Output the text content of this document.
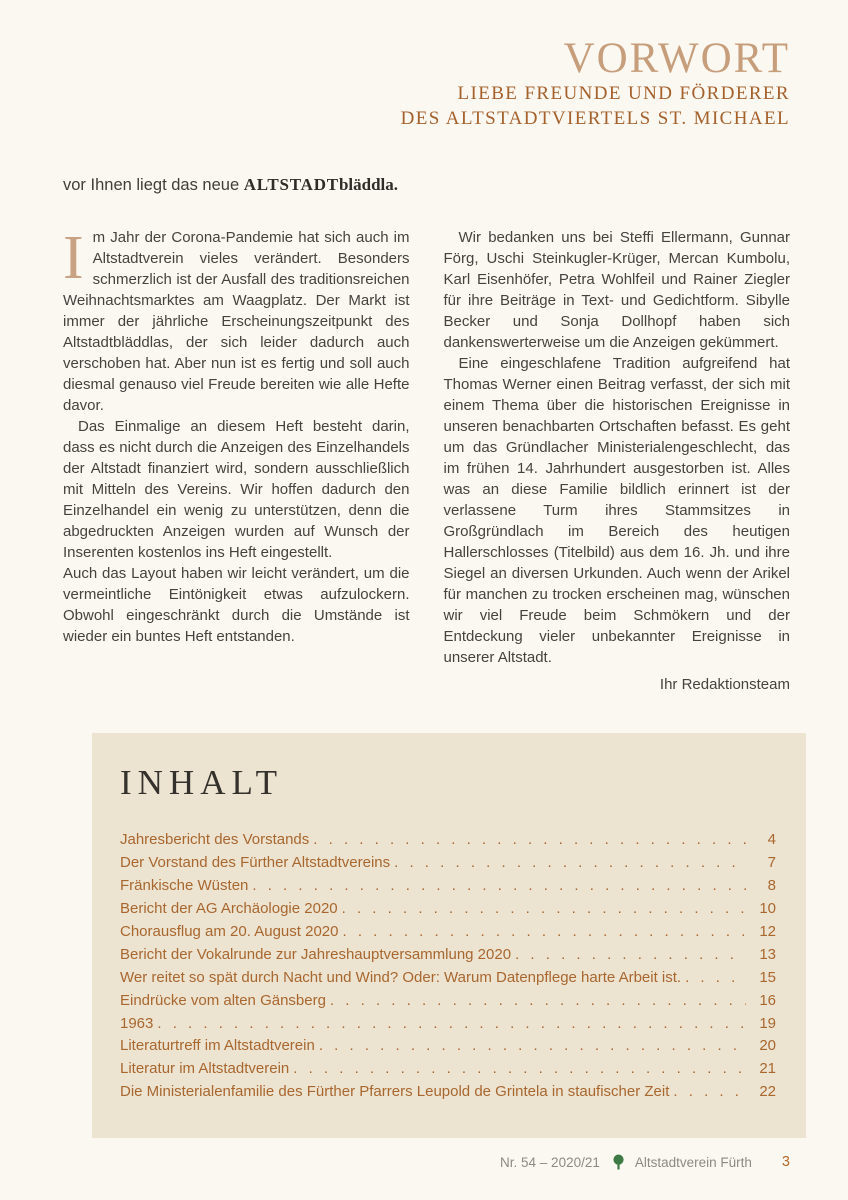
VORWORT
LIEBE FREUNDE UND FÖRDERER
DES ALTSTADTVIERTELS ST. MICHAEL
vor Ihnen liegt das neue ALTSTADTbläddla.

Im Jahr der Corona-Pandemie hat sich auch im Altstadtverein vieles verändert. Besonders schmerzlich ist der Ausfall des traditionsreichen Weihnachtsmarktes am Waagplatz. Der Markt ist immer der jährliche Erscheinungszeitpunkt des Altstadtbläddlas, der sich leider dadurch auch verschoben hat. Aber nun ist es fertig und soll auch diesmal genauso viel Freude bereiten wie alle Hefte davor.

Das Einmalige an diesem Heft besteht darin, dass es nicht durch die Anzeigen des Einzelhandels der Altstadt finanziert wird, sondern ausschließlich mit Mitteln des Vereins. Wir hoffen dadurch den Einzelhandel ein wenig zu unterstützen, denn die abgedruckten Anzeigen wurden auf Wunsch der Inserenten kostenlos ins Heft eingestellt.

Auch das Layout haben wir leicht verändert, um die vermeintliche Eintönigkeit etwas aufzulockern. Obwohl eingeschränkt durch die Umstände ist wieder ein buntes Heft entstanden.

Wir bedanken uns bei Steffi Ellermann, Gunnar Förg, Uschi Steinkugler-Krüger, Mercan Kumbolu, Karl Eisenhöfer, Petra Wohlfeil und Rainer Ziegler für ihre Beiträge in Text- und Gedichtform. Sibylle Becker und Sonja Dollhopf haben sich dankenswerterweise um die Anzeigen gekümmert.

Eine eingeschlafene Tradition aufgreifend hat Thomas Werner einen Beitrag verfasst, der sich mit einem Thema über die historischen Ereignisse in unseren benachbarten Ortschaften befasst. Es geht um das Gründlacher Ministerialengeschlecht, das im frühen 14. Jahrhundert ausgestorben ist. Alles was an diese Familie bildlich erinnert ist der verlassene Turm ihres Stammsitzes in Großgründlach im Bereich des heutigen Hallerschlosses (Titelbild) aus dem 16. Jh. und ihre Siegel an diversen Urkunden. Auch wenn der Arikel für manchen zu trocken erscheinen mag, wünschen wir viel Freude beim Schmökern und der Entdeckung vieler unbekannter Ereignisse in unserer Altstadt.

Ihr Redaktionsteam
INHALT
Jahresbericht des Vorstands . . .	4
Der Vorstand des Fürther Altstadtvereins . . .	7
Fränkische Wüsten . . .	8
Bericht der AG Archäologie 2020 . . .	10
Chorausflug am 20. August 2020 . . .	12
Bericht der Vokalrunde zur Jahreshauptversammlung 2020 . . .	13
Wer reitet so spät durch Nacht und Wind? Oder: Warum Datenpflege harte Arbeit ist. . . .	15
Eindrücke vom alten Gänsberg . . .	16
1963 . . .	19
Literaturtreff im Altstadtverein . . .	20
Literatur im Altstadtverein . . .	21
Die Ministerialenfamilie des Fürther Pfarrers Leupold de Grintela in staufischer Zeit . . .	22
Nr. 54 – 2020/21	Altstadtverein Fürth 3
